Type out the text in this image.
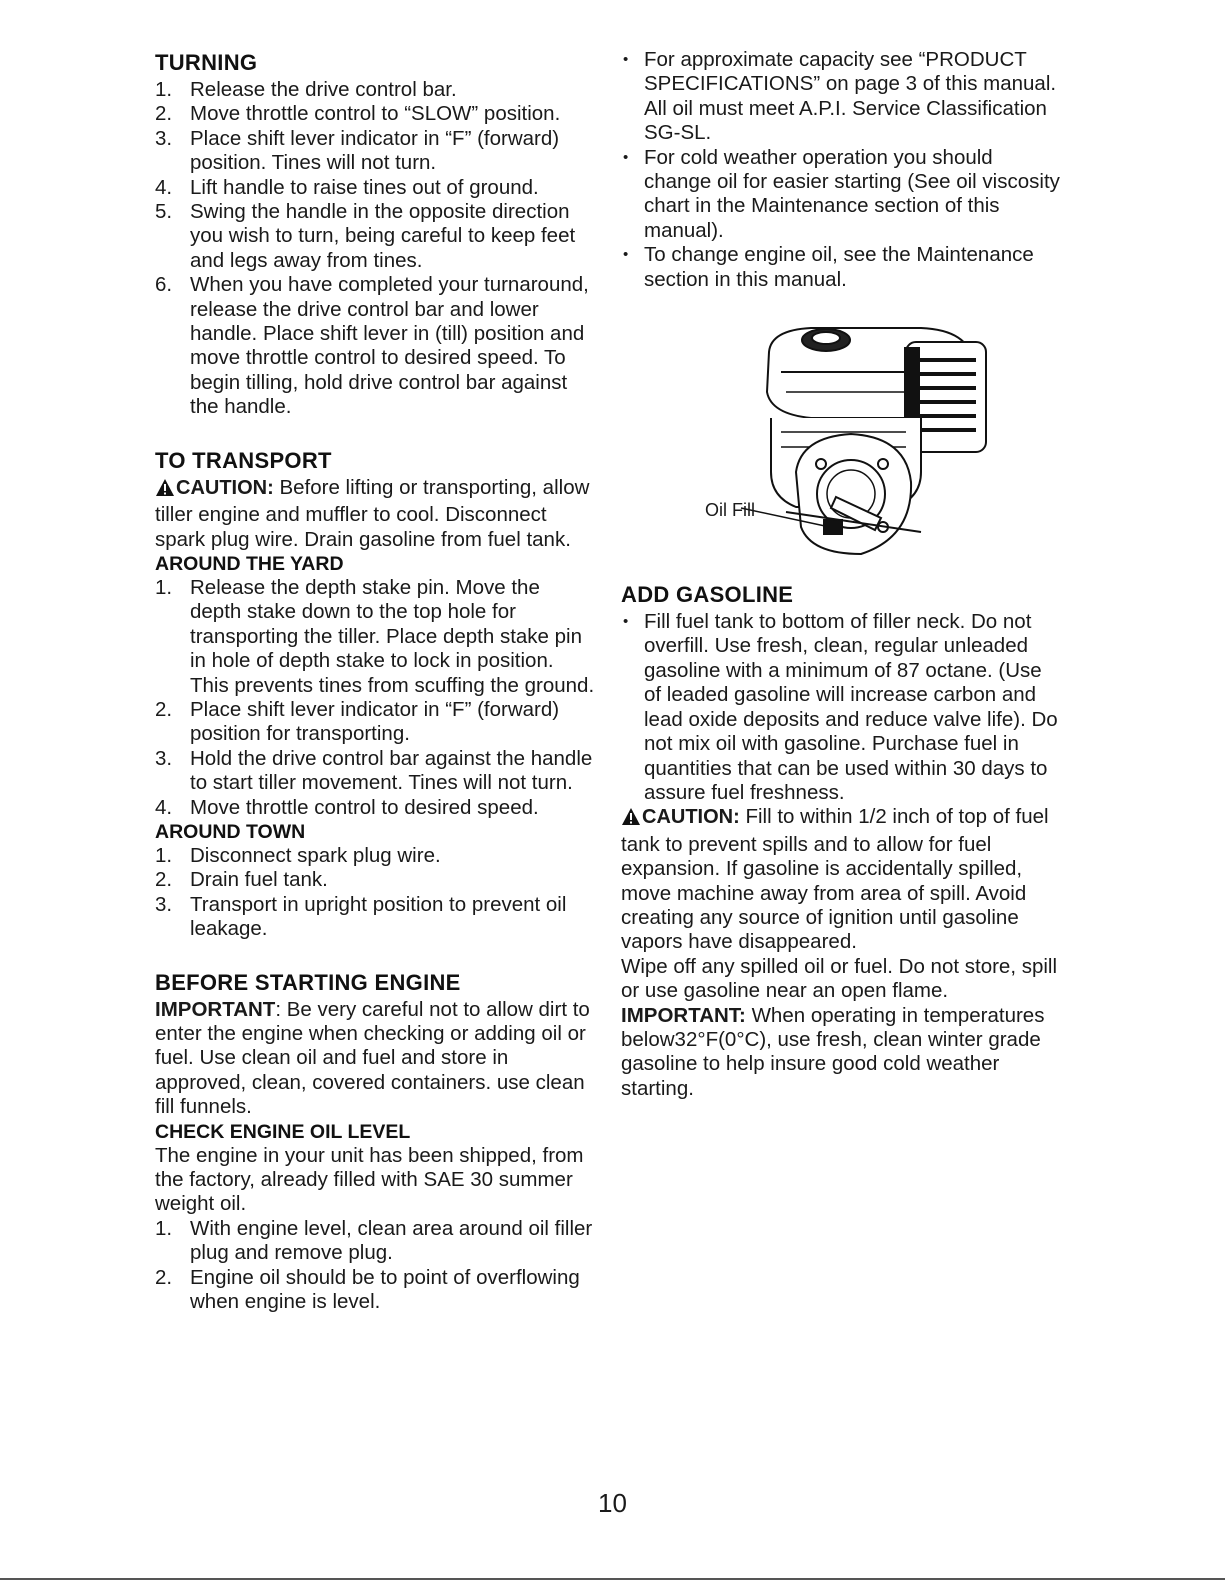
TURNING
1. Release the drive control bar.
2. Move throttle control to “SLOW” position.
3. Place shift lever indicator in “F” (forward) position. Tines will not turn.
4. Lift handle to raise tines out of ground.
5. Swing the handle in the opposite direction you wish to turn, being careful to keep feet and legs away from tines.
6. When you have completed your turnaround, release the drive control bar and lower handle. Place shift lever in (till) position and move throttle control to desired speed. To begin tilling, hold drive control bar against the handle.
TO TRANSPORT

CAUTION: Before lifting or transporting, allow tiller engine and muffler to cool. Disconnect spark plug wire. Drain gasoline from fuel tank.

AROUND THE YARD
1. Release the depth stake pin. Move the depth stake down to the top hole for transporting the tiller. Place depth stake pin in hole of depth stake to lock in position. This prevents tines from scuffing the ground.
2. Place shift lever indicator in “F” (forward) position for transporting.
3. Hold the drive control bar against the handle to start tiller movement. Tines will not turn.
4. Move throttle control to desired speed.
AROUND TOWN
1. Disconnect spark plug wire.
2. Drain fuel tank.
3. Transport in upright position to prevent oil leakage.
BEFORE STARTING ENGINE

IMPORTANT: Be very careful not to allow dirt to enter the engine when checking or adding oil or fuel. Use clean oil and fuel and store in approved, clean, covered containers. use clean fill funnels.

CHECK ENGINE OIL LEVEL

The engine in your unit has been shipped, from the factory, already filled with SAE 30 summer weight oil.

1. With engine level, clean area around oil filler plug and remove plug.
2. Engine oil should be to point of overflowing when engine is level.
• For approximate capacity see “PRODUCT SPECIFICATIONS” on page 3 of this manual. All oil must meet A.P.I. Service Classification SG-SL.
• For cold weather operation you should change oil for easier starting (See oil viscosity chart in the Maintenance section of this manual).
• To change engine oil, see the Maintenance section in this manual.
Oil Fill
ADD GASOLINE
• Fill fuel tank to bottom of filler neck. Do not overfill. Use fresh, clean, regular unleaded gasoline with a minimum of 87 octane. (Use of leaded gasoline will increase carbon and lead oxide deposits and reduce valve life). Do not mix oil with gasoline. Purchase fuel in quantities that can be used within 30 days to assure fuel freshness.

CAUTION: Fill to within 1/2 inch of top of fuel tank to prevent spills and to allow for fuel expansion. If gasoline is accidentally spilled, move machine away from area of spill. Avoid creating any source of ignition until gasoline vapors have disappeared.

Wipe off any spilled oil or fuel. Do not store, spill or use gasoline near an open flame.

IMPORTANT: When operating in temperatures below32°F(0°C), use fresh, clean winter grade gasoline to help insure good cold weather starting.

10
